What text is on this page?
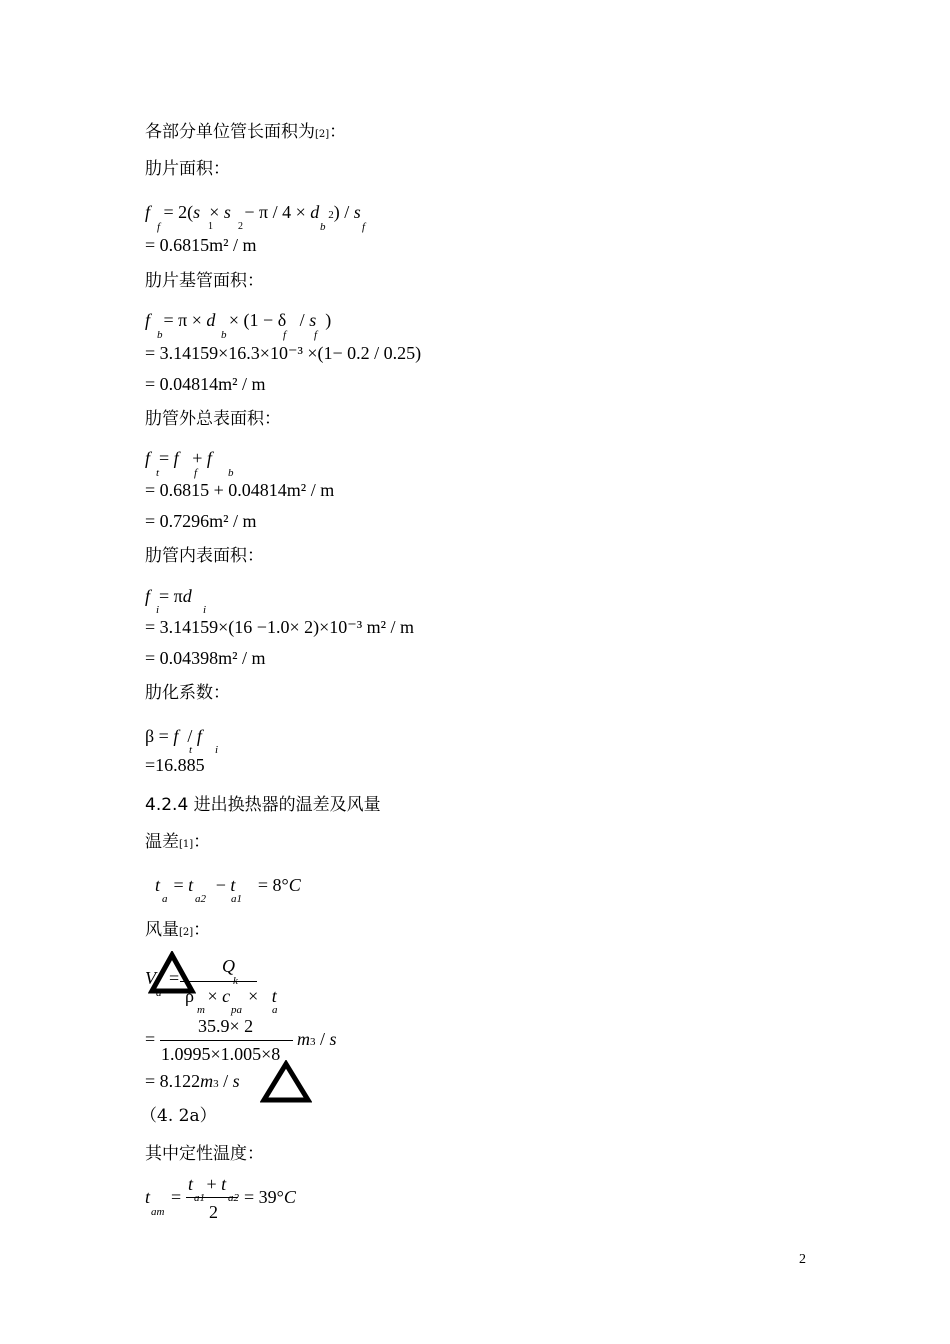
各部分单位管长面积为[2]：
肋片面积：
f   = 2(s  × s   − π / 4 × d 2) / s
f	1	2	b	f
= 0.6815m² / m
肋片基管面积：
f   = π × d   × (1 − δ   / s  )
b	b	f	f
= 3.14159×16.3×10⁻³ ×(1− 0.2 / 0.25)
= 0.04814m² / m
肋管外总表面积：
f  = f   + f
t	f	b
= 0.6815 + 0.04814m² / m
= 0.7296m² / m
肋管内表面积：
f  = πd
i	i
= 3.14159×(16 −1.0× 2)×10⁻³ m² / m
= 0.04398m² / m
肋化系数：
β = f  / f
t i
=16.885
4.2.4 进出换热器的温差及风量
温差[1]：
t   = t     − t     = 8°C
a	a2 a1
风量[2]：
V =
a
Q
ρ   × c    ×   t
m pa	a
=
35.9× 2
1.0995×1.005×8
m3 / s
= 8.122m3 / s
（4. 2a）
其中定性温度：
t
am
=
t   + t
a1 a2
2
= 39°C
2
